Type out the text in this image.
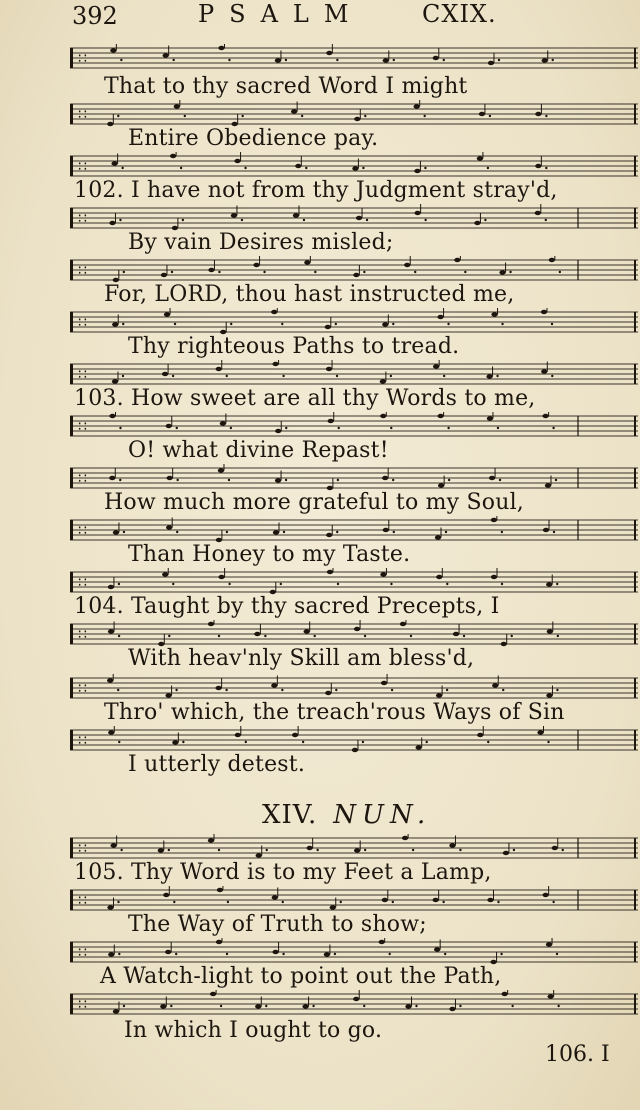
392	PSALM CXIX.
∷
∷
∷
∷
∷
∷
∷
∷
∷
∷
∷
∷
∷
∷
∷
∷
∷
∷
That to thy sacred Word I might
Entire Obedience pay.
102. I have not from thy Judgment stray'd,
By vain Desires misled;
For, LORD, thou hast instructed me,
Thy righteous Paths to tread.
103. How sweet are all thy Words to me,
O! what divine Repast!
How much more grateful to my Soul,
Than Honey to my Taste.
104. Taught by thy sacred Precepts, I
With heav'nly Skill am bless'd,
Thro' which, the treach'rous Ways of Sin
I utterly detest.
XIV. NUN.
105. Thy Word is to my Feet a Lamp,
The Way of Truth to show;
A Watch-light to point out the Path,
In which I ought to go.
106. I
